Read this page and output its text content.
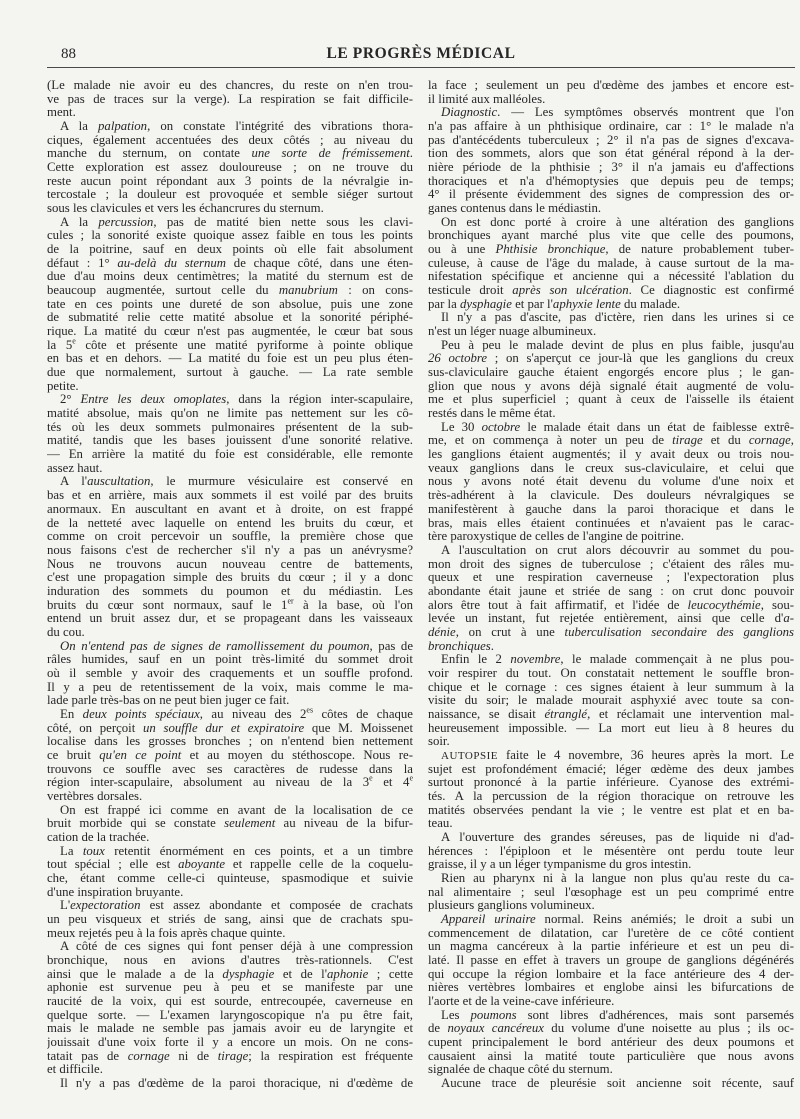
88	LE PROGRÈS MÉDICAL
(Le malade nie avoir eu des chancres, du reste on n'en trou-
ve pas de traces sur la verge). La respiration se fait difficile-
ment.
A la palpation, on constate l'intégrité des vibrations thora-
ciques, également accentuées des deux côtés ; au niveau du
manche du sternum, on contate une sorte de frémissement.
Cette exploration est assez douloureuse ; on ne trouve du
reste aucun point répondant aux 3 points de la névralgie in-
tercostale ; la douleur est provoquée et semble siéger surtout
sous les clavicules et vers les échancrures du sternum.
A la percussion, pas de matité bien nette sous les clavi-
cules ; la sonorité existe quoique assez faible en tous les points
de la poitrine, sauf en deux points où elle fait absolument
défaut : 1° au-delà du sternum de chaque côté, dans une éten-
due d'au moins deux centimètres; la matité du sternum est de
beaucoup augmentée, surtout celle du manubrium : on cons-
tate en ces points une dureté de son absolue, puis une zone
de submatité relie cette matité absolue et la sonorité périphé-
rique. La matité du cœur n'est pas augmentée, le cœur bat sous
la 5e côte et présente une matité pyriforme à pointe oblique
en bas et en dehors. — La matité du foie est un peu plus éten-
due que normalement, surtout à gauche. — La rate semble
petite.
2° Entre les deux omoplates, dans la région inter-scapulaire,
matité absolue, mais qu'on ne limite pas nettement sur les cô-
tés où les deux sommets pulmonaires présentent de la sub-
matité, tandis que les bases jouissent d'une sonorité relative.
— En arrière la matité du foie est considérable, elle remonte
assez haut.
A l'auscultation, le murmure vésiculaire est conservé en
bas et en arrière, mais aux sommets il est voilé par des bruits
anormaux. En auscultant en avant et à droite, on est frappé
de la netteté avec laquelle on entend les bruits du cœur, et
comme on croit percevoir un souffle, la première chose que
nous faisons c'est de rechercher s'il n'y a pas un anévrysme?
Nous ne trouvons aucun nouveau centre de battements,
c'est une propagation simple des bruits du cœur ; il y a donc
induration des sommets du poumon et du médiastin. Les
bruits du cœur sont normaux, sauf le 1er à la base, où l'on
entend un bruit assez dur, et se propageant dans les vaisseaux
du cou.
On n'entend pas de signes de ramollissement du poumon, pas de
râles humides, sauf en un point très-limité du sommet droit
où il semble y avoir des craquements et un souffle profond.
Il y a peu de retentissement de la voix, mais comme le ma-
lade parle très-bas on ne peut bien juger ce fait.
En deux points spéciaux, au niveau des $2^{es}$ côtes de chaque
côté, on perçoit un souffle dur et expiratoire que M. Moissenet
localise dans les grosses bronches ; on n'entend bien nettement
ce bruit qu'en ce point et au moyen du stéthoscope. Nous re-
trouvons ce souffle avec ses caractères de rudesse dans la
région inter-scapulaire, absolument au niveau de la 3e et 4e
vertèbres dorsales.
On est frappé ici comme en avant de la localisation de ce
bruit morbide qui se constate seulement au niveau de la bifur-
cation de la trachée.
La toux retentit énormément en ces points, et a un timbre
tout spécial ; elle est aboyante et rappelle celle de la coquelu-
che, étant comme celle-ci quinteuse, spasmodique et suivie
d'une inspiration bruyante.
L'expectoration est assez abondante et composée de crachats
un peu visqueux et striés de sang, ainsi que de crachats spu-
meux rejetés peu à la fois après chaque quinte.
A côté de ces signes qui font penser déjà à une compression
bronchique, nous en avions d'autres très-rationnels. C'est
ainsi que le malade a de la dysphagie et de l'aphonie ; cette
aphonie est survenue peu à peu et se manifeste par une
raucité de la voix, qui est sourde, entrecoupée, caverneuse en
quelque sorte. — L'examen laryngoscopique n'a pu être fait,
mais le malade ne semble pas jamais avoir eu de laryngite et
jouissait d'une voix forte il y a encore un mois. On ne cons-
tatait pas de cornage ni de tirage; la respiration est fréquente
et difficile.
Il n'y a pas d'œdème de la paroi thoracique, ni d'œdème de
la face ; seulement un peu d'œdème des jambes et encore est-
il limité aux malléoles.
Diagnostic. — Les symptômes observés montrent que l'on
n'a pas affaire à un phthisique ordinaire, car : 1° le malade n'a
pas d'antécédents tuberculeux ; 2° il n'a pas de signes d'excava-
tion des sommets, alors que son état général répond à la der-
nière période de la phthisie ; 3° il n'a jamais eu d'affections
thoraciques et n'a d'hémoptysies que depuis peu de temps;
4° il présente évidemment des signes de compression des or-
ganes contenus dans le médiastin.
On est donc porté à croire à une altération des ganglions
bronchiques ayant marché plus vite que celle des poumons,
ou à une Phthisie bronchique, de nature probablement tuber-
culeuse, à cause de l'âge du malade, à cause surtout de la ma-
nifestation spécifique et ancienne qui a nécessité l'ablation du
testicule droit après son ulcération. Ce diagnostic est confirmé
par la dysphagie et par l'aphyxie lente du malade.
Il n'y a pas d'ascite, pas d'ictère, rien dans les urines si ce
n'est un léger nuage albumineux.
Peu à peu le malade devint de plus en plus faible, jusqu'au
26 octobre ; on s'aperçut ce jour-là que les ganglions du creux
sus-claviculaire gauche étaient engorgés encore plus ; le gan-
glion que nous y avons déjà signalé était augmenté de volu-
me et plus superficiel ; quant à ceux de l'aisselle ils étaient
restés dans le même état.
Le 30 octobre le malade était dans un état de faiblesse extrê-
me, et on commença à noter un peu de tirage et du cornage,
les ganglions étaient augmentés; il y avait deux ou trois nou-
veaux ganglions dans le creux sus-claviculaire, et celui que
nous y avons noté était devenu du volume d'une noix et
très-adhérent à la clavicule. Des douleurs névralgiques se
manifestèrent à gauche dans la paroi thoracique et dans le
bras, mais elles étaient continuées et n'avaient pas le carac-
tère paroxystique de celles de l'angine de poitrine.
A l'auscultation on crut alors découvrir au sommet du pou-
mon droit des signes de tuberculose ; c'étaient des râles mu-
queux et une respiration caverneuse ; l'expectoration plus
abondante était jaune et striée de sang : on crut donc pouvoir
alors être tout à fait affirmatif, et l'idée de leucocythémie, sou-
levée un instant, fut rejetée entièrement, ainsi que celle d'a-
dénie, on crut à une tuberculisation secondaire des ganglions
bronchiques.
Enfin le 2 novembre, le malade commençait à ne plus pou-
voir respirer du tout. On constatait nettement le souffle bron-
chique et le cornage : ces signes étaient à leur summum à la
visite du soir; le malade mourait asphyxié avec toute sa con-
naissance, se disait étranglé, et réclamait une intervention mal-
heureusement impossible. — La mort eut lieu à 8 heures du
soir.
AUTOPSIE faite le 4 novembre, 36 heures après la mort. Le
sujet est profondément émacié; léger œdème des deux jambes
surtout prononcé à la partie inférieure. Cyanose des extrémi-
tés. A la percussion de la région thoracique on retrouve les
matités observées pendant la vie ; le ventre est plat et en ba-
teau.
A l'ouverture des grandes séreuses, pas de liquide ni d'ad-
hérences : l'épiploon et le mésentère ont perdu toute leur
graisse, il y a un léger tympanisme du gros intestin.
Rien au pharynx ni à la langue non plus qu'au reste du ca-
nal alimentaire ; seul l'œsophage est un peu comprimé entre
plusieurs ganglions volumineux.
Appareil urinaire normal. Reins anémiés; le droit a subi un
commencement de dilatation, car l'uretère de ce côté contient
un magma cancéreux à la partie inférieure et est un peu di-
laté. Il passe en effet à travers un groupe de ganglions dégénérés
qui occupe la région lombaire et la face antérieure des 4 der-
nières vertèbres lombaires et englobe ainsi les bifurcations de
l'aorte et de la veine-cave inférieure.
Les poumons sont libres d'adhérences, mais sont parsemés
de noyaux cancéreux du volume d'une noisette au plus ; ils oc-
cupent principalement le bord antérieur des deux poumons et
causaient ainsi la matité toute particulière que nous avons
signalée de chaque côté du sternum.
Aucune trace de pleurésie soit ancienne soit récente, sauf
